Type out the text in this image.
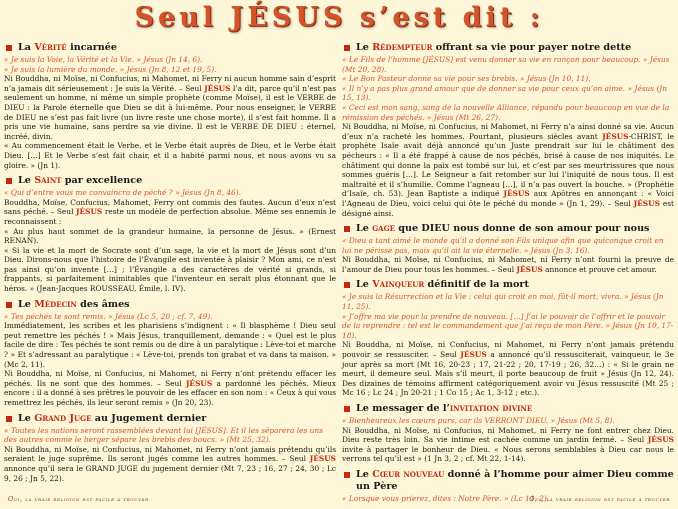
Seul JÉSUS s’est dit :
La Vérité incarnée

« Je suis la Voie, la Vérité et la Vie. » Jésus (Jn 14, 6).

« Je suis la lumière du monde. » Jésus (Jn 8, 12 et 19, 5).

Ni Bouddha, ni Moïse, ni Confucius, ni Mahomet, ni Ferry ni aucun homme sain d’esprit n’a jamais dit sérieusement : Je suis la Vérité. – Seul JÉSUS l’a dit, parce qu’il n’est pas seulement un homme, ni même un simple prophète (comme Moïse), il est le VERBE de DIEU : la Parole éternelle que Dieu se dit à lui-même. Pour nous enseigner, le VERBE de DIEU ne s’est pas fait livre (un livre reste une chose morte), il s’est fait homme. Il a pris une vie humaine, sans perdre sa vie divine. Il est le VERBE DE DIEU : éternel, incréé, divin.

« Au commencement était le Verbe, et le Verbe était auprès de Dieu, et le Verbe était Dieu. […] Et le Verbe s’est fait chair, et il a habité parmi nous, et nous avons vu sa gloire. » (Jn 1).

Le Saint par excellence

« Qui d’entre vous me convaincra de péché ? » Jésus (Jn 8, 46).

Bouddha, Moïse, Confucius, Mahomet, Ferry ont commis des fautes. Aucun d’eux n’est sans péché. – Seul JÉSUS reste un modèle de perfection absolue. Même ses ennemis le reconnaissent :

« Au plus haut sommet de la grandeur humaine, la personne de Jésus. » (Ernest RENAN).

« Si la vie et la mort de Socrate sont d’un sage, la vie et la mort de Jésus sont d’un Dieu. Dirons-nous que l’histoire de l’Évangile est inventée à plaisir ? Mon ami, ce n’est pas ainsi qu’on invente […] ; l’Évangile a des caractères de vérité si grands, si frappants, si parfaitement inimitables que l’inventeur en serait plus étonnant que le héros. » (Jean-Jacques ROUSSEAU, Émile, l. IV).

Le Médecin des âmes

« Tes péchés te sont remis. » Jésus (Lc 5, 20 ; cf. 7, 49).

Immédiatement, les scribes et les pharisiens s’indignent : « Il blasphème ! Dieu seul peut remettre les péchés ! » Mais Jésus, tranquillement, demande : « Quel est le plus facile de dire : Tes péchés te sont remis ou de dire à un paralytique : Lève-toi et marche ? » Et s’adressant au paralytique : « Lève-toi, prends ton grabat et va dans ta maison. » (Mc 2, 11).

Ni Bouddha, ni Moïse, ni Confucius, ni Mahomet, ni Ferry n’ont prétendu effacer les péchés. Ils ne sont que des hommes. – Seul JÉSUS a pardonné les péchés. Mieux encore : il a donné à ses prêtres le pouvoir de les effacer en son nom : « Ceux à qui vous remettrez les péchés, ils leur seront remis » (Jn 20, 23).

Le Grand Juge au Jugement dernier

« Toutes les nations seront rassemblées devant lui [JÉSUS]. Et il les séparera les uns des autres comme le berger sépare les brebis des boucs. » (Mt 25, 32).

Ni Bouddha, ni Moïse, ni Confucius, ni Mahomet, ni Ferry n’ont jamais prétendu qu’ils seraient le juge suprême. Ils seront jugés comme les autres hommes. – Seul JÉSUS annonce qu’il sera le GRAND JUGE du jugement dernier (Mt 7, 23 ; 16, 27 ; 24, 30 ; Lc 9, 26 ; Jn 5, 22).

Le Rédempteur offrant sa vie pour payer notre dette

« Le Fils de l’homme [JÉSUS] est venu donner sa vie en rançon pour beaucoup. » Jésus (Mt 20, 28).

« Le Bon Pasteur donne sa vie pour ses brebis. » Jésus (Jn 10, 11).

« Il n’y a pas plus grand amour que de donner sa vie pour ceux qu’on aime. » Jésus (Jn 15, 13).

« Ceci est mon sang, sang de la nouvelle Alliance, répandu pour beaucoup en vue de la rémission des péchés. » Jésus (Mt 26, 27).

Ni Bouddha, ni Moïse, ni Confucius, ni Mahomet, ni Ferry n’a ainsi donné sa vie. Aucun d’eux n’a racheté les hommes. Pourtant, plusieurs siècles avant JÉSUS-CHRIST, le prophète Isaïe avait déjà annoncé qu’un Juste prendrait sur lui le châtiment des pécheurs : « Il a été frappé à cause de nos péchés, brisé à cause de nos iniquités. Le châtiment qui donne la paix est tombé sur lui, et c’est par ses meurtrissures que nous sommes guéris […]. Le Seigneur a fait retomber sur lui l’iniquité de nous tous. Il est maltraité et il s’humilie. Comme l’agneau […], il n’a pas ouvert la bouche. » (Prophétie d’Isaïe, ch. 53). Jean Baptiste a indiqué JÉSUS aux Apôtres en annonçant : « Voici l’Agneau de Dieu, voici celui qui ôte le péché du monde » (Jn 1, 29). – Seul JÉSUS est désigné ainsi.

Le gage que DIEU nous donne de son amour pour nous

« Dieu a tant aimé le monde qu’il a donné son Fils unique afin que quiconque croit en lui ne périsse pas, mais qu’il ait la vie éternelle. » Jésus (Jn 3, 16).

Ni Bouddha, ni Moïse, ni Confucius, ni Mahomet, ni Ferry n’ont fourni la preuve de l’amour de Dieu pour tous les hommes. – Seul JÉSUS annonce et prouve cet amour.

Le Vainqueur définitif de la mort

« Je suis la Résurrection et la Vie : celui qui croit en moi, fût-il mort, vivra. » Jésus (Jn 11, 25).

« J’offre ma vie pour la prendre de nouveau. […] J’ai le pouvoir de l’offrir et le pouvoir de la reprendre : tel est le commandement que j’ai reçu de mon Père. » Jésus (Jn 10, 17-18).

Ni Bouddha, ni Moïse, ni Confucius, ni Mahomet, ni Ferry n’ont jamais prétendu pouvoir se ressusciter. – Seul JÉSUS a annoncé qu’il ressusciterait, vainqueur, le 3e jour après sa mort (Mt 16, 20-23 ; 17, 21-22 ; 20, 17-19 ; 26, 32…) : « Si le grain ne meurt, il demeure seul. Mais s’il meurt, il porte beaucoup de fruit » Jésus (Jn 12, 24). Des dizaines de témoins affirment catégoriquement avoir vu Jésus ressuscité (Mt 25 ; Mc 16 ; Lc 24 ; Jn 20-21 ; 1 Co 15 ; Ac 1, 3-12 ; etc.).

Le messager de l’invitation divine

« Bienheureux les cœurs purs, car ils VERRONT DIEU. » Jésus (Mt 5, 8).

Ni Bouddha, ni Moïse, ni Confucius, ni Mahomet, ni Ferry ne font entrer chez Dieu. Dieu reste très loin. Sa vie intime est cachée comme un jardin fermé. – Seul JÉSUS invite à partager le bonheur de Dieu. « Nous serons semblables à Dieu car nous le verrons tel qu’il est » (1 Jn 3, 2 ; cf. Mt 22, 1-14).

Le Cœur nouveau donné à l’homme pour aimer Dieu comme un Père

« Lorsque vous prierez, dites : Notre Père. » (Lc 11, 2).

Oui, la vraie religion est facile à trouver	Oui, la vraie religion est facile à trouver
